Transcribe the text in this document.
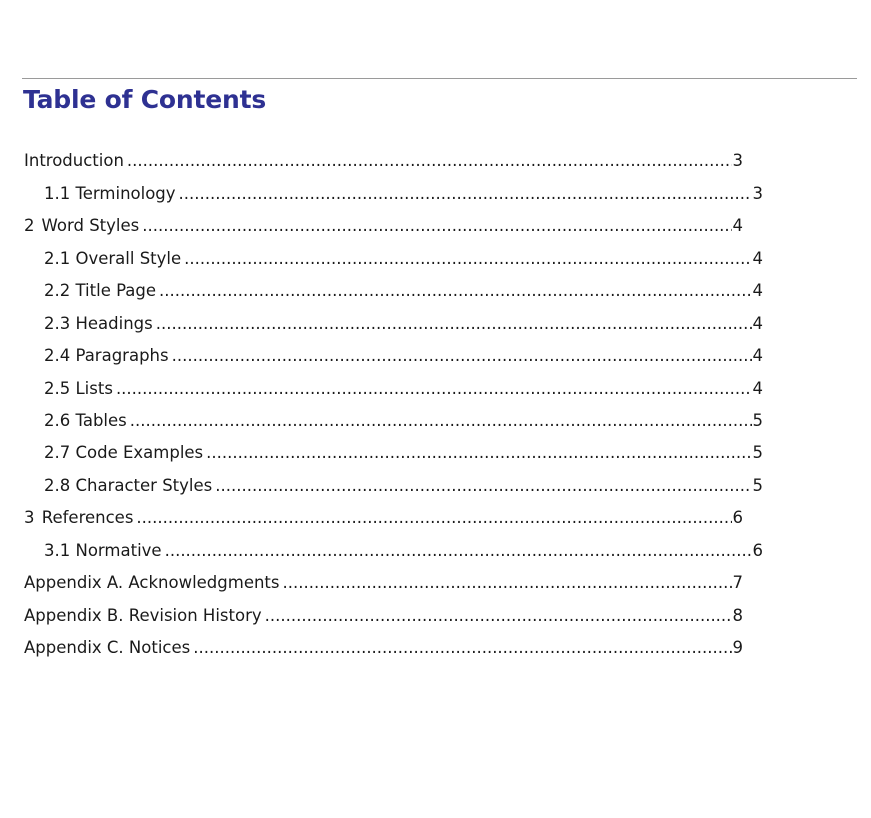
Table of Contents
Introduction .....	3
1.1 Terminology .....	3
2 Word Styles .....	4
2.1 Overall Style .....	4
2.2 Title Page .....	4
2.3 Headings .....	4
2.4 Paragraphs .....	4
2.5 Lists .....	4
2.6 Tables .....	5
2.7 Code Examples .....	5
2.8 Character Styles .....	5
3 References .....	6
3.1 Normative .....	6
Appendix A. Acknowledgments .....	7
Appendix B. Revision History .....	8
Appendix C. Notices .....	9
